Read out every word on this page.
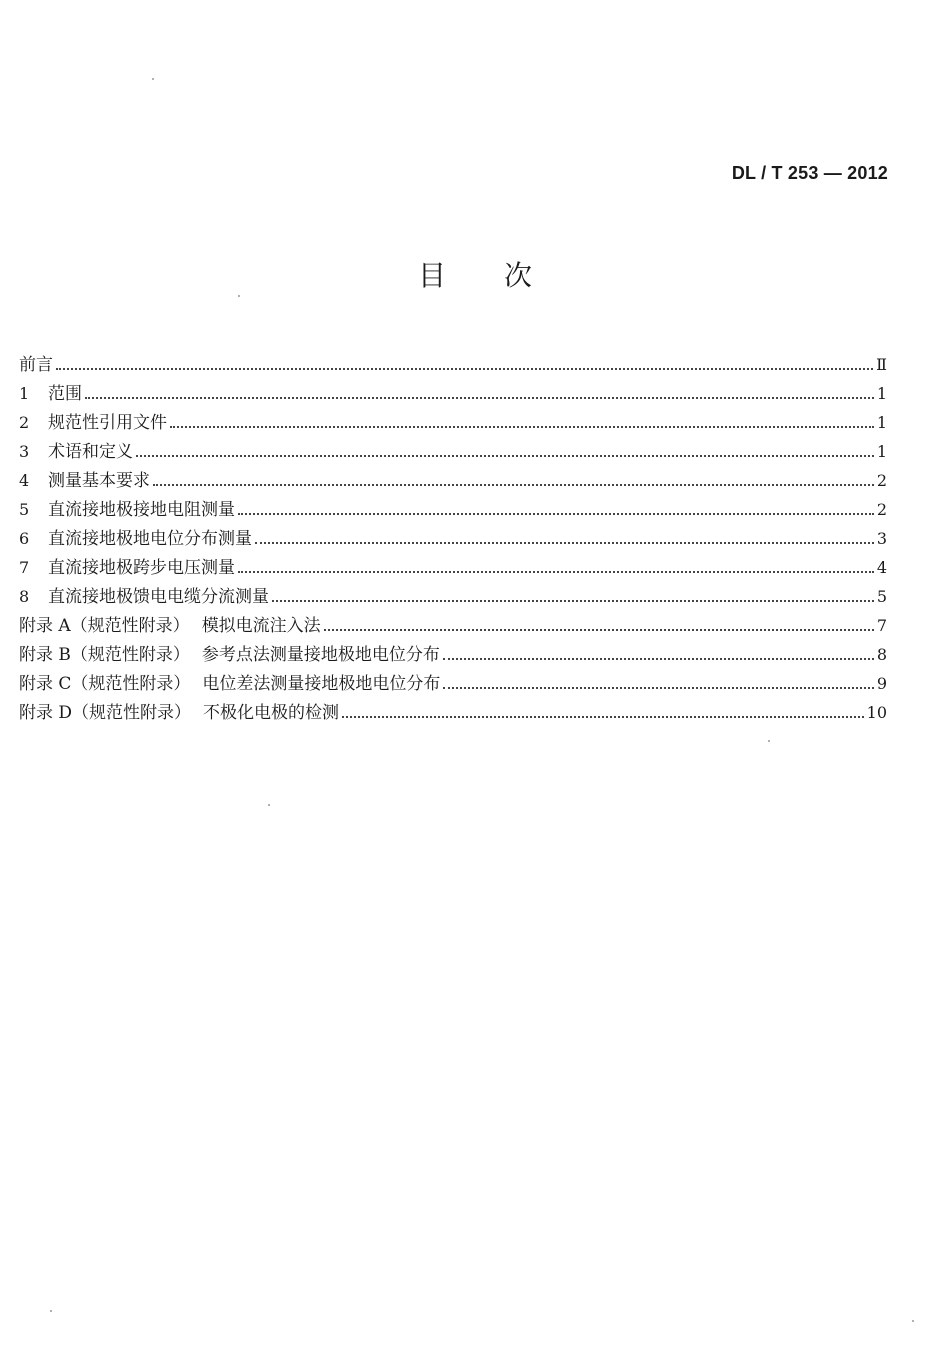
DL / T 253 — 2012
目 次
前言	Ⅱ
1	范围	1
2	规范性引用文件	1
3	术语和定义	1
4	测量基本要求	2
5	直流接地极接地电阻测量	2
6	直流接地极地电位分布测量	3
7	直流接地极跨步电压测量	4
8	直流接地极馈电电缆分流测量	5
附录 A（规范性附录） 模拟电流注入法	7
附录 B（规范性附录） 参考点法测量接地极地电位分布	8
附录 C（规范性附录） 电位差法测量接地极地电位分布	9
附录 D（规范性附录） 不极化电极的检测	10
